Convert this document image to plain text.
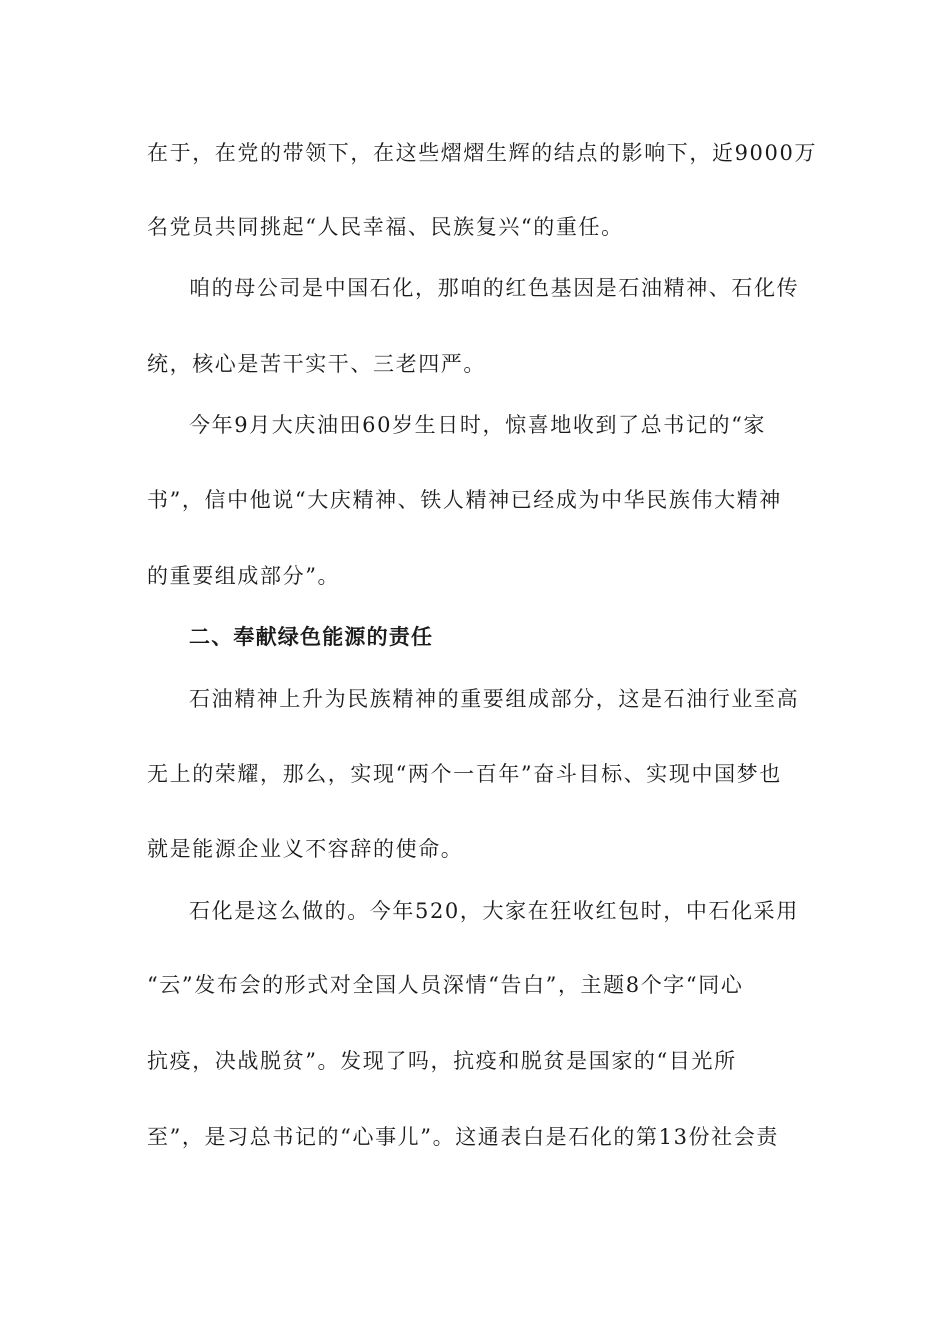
在于，在党的带领下，在这些熠熠生辉的结点的影响下，近9000万
名党员共同挑起“人民幸福、民族复兴“的重任。
咱的母公司是中国石化，那咱的红色基因是石油精神、石化传
统，核心是苦干实干、三老四严。
今年9月大庆油田60岁生日时，惊喜地收到了总书记的“家
书”，信中他说“大庆精神、铁人精神已经成为中华民族伟大精神
的重要组成部分”。
二、奉献绿色能源的责任
石油精神上升为民族精神的重要组成部分，这是石油行业至高
无上的荣耀，那么，实现“两个一百年”奋斗目标、实现中国梦也
就是能源企业义不容辞的使命。
石化是这么做的。今年520，大家在狂收红包时，中石化采用
“云”发布会的形式对全国人员深情“告白”，主题8个字“同心
抗疫，决战脱贫”。发现了吗，抗疫和脱贫是国家的“目光所
至”，是习总书记的“心事儿”。这通表白是石化的第13份社会责
